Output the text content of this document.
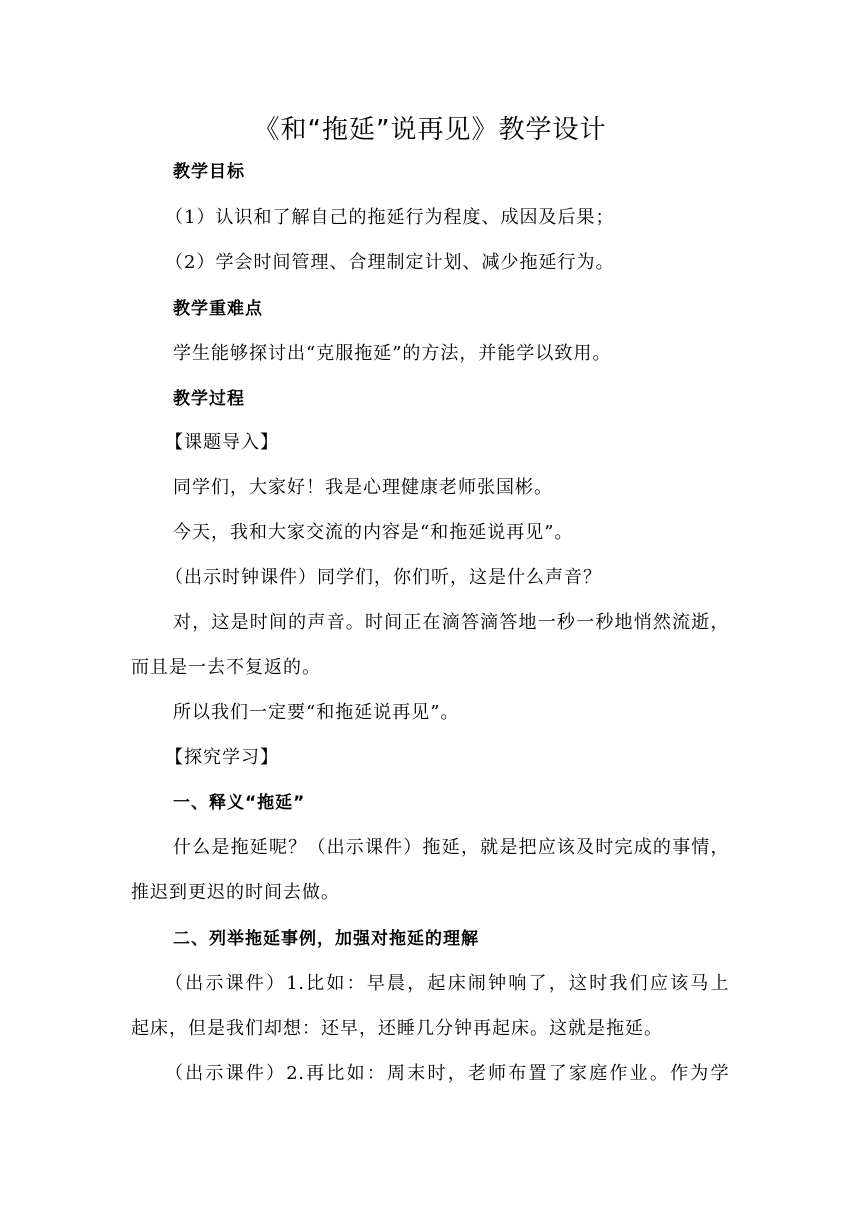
《和“拖延”说再见》教学设计
教学目标
（1）认识和了解自己的拖延行为程度、成因及后果；
（2）学会时间管理、合理制定计划、减少拖延行为。
教学重难点
学生能够探讨出“克服拖延”的方法，并能学以致用。
教学过程
【课题导入】
同学们，大家好！我是心理健康老师张国彬。
今天，我和大家交流的内容是“和拖延说再见”。
（出示时钟课件）同学们，你们听，这是什么声音？
对，这是时间的声音。时间正在滴答滴答地一秒一秒地悄然流逝，
而且是一去不复返的。
所以我们一定要“和拖延说再见”。
【探究学习】
一、释义“拖延”
什么是拖延呢？（出示课件）拖延，就是把应该及时完成的事情，
推迟到更迟的时间去做。
二、列举拖延事例，加强对拖延的理解
（出示课件）1.比如：早晨，起床闹钟响了，这时我们应该马上
起床，但是我们却想：还早，还睡几分钟再起床。这就是拖延。
（出示课件）2.再比如：周末时，老师布置了家庭作业。作为学
